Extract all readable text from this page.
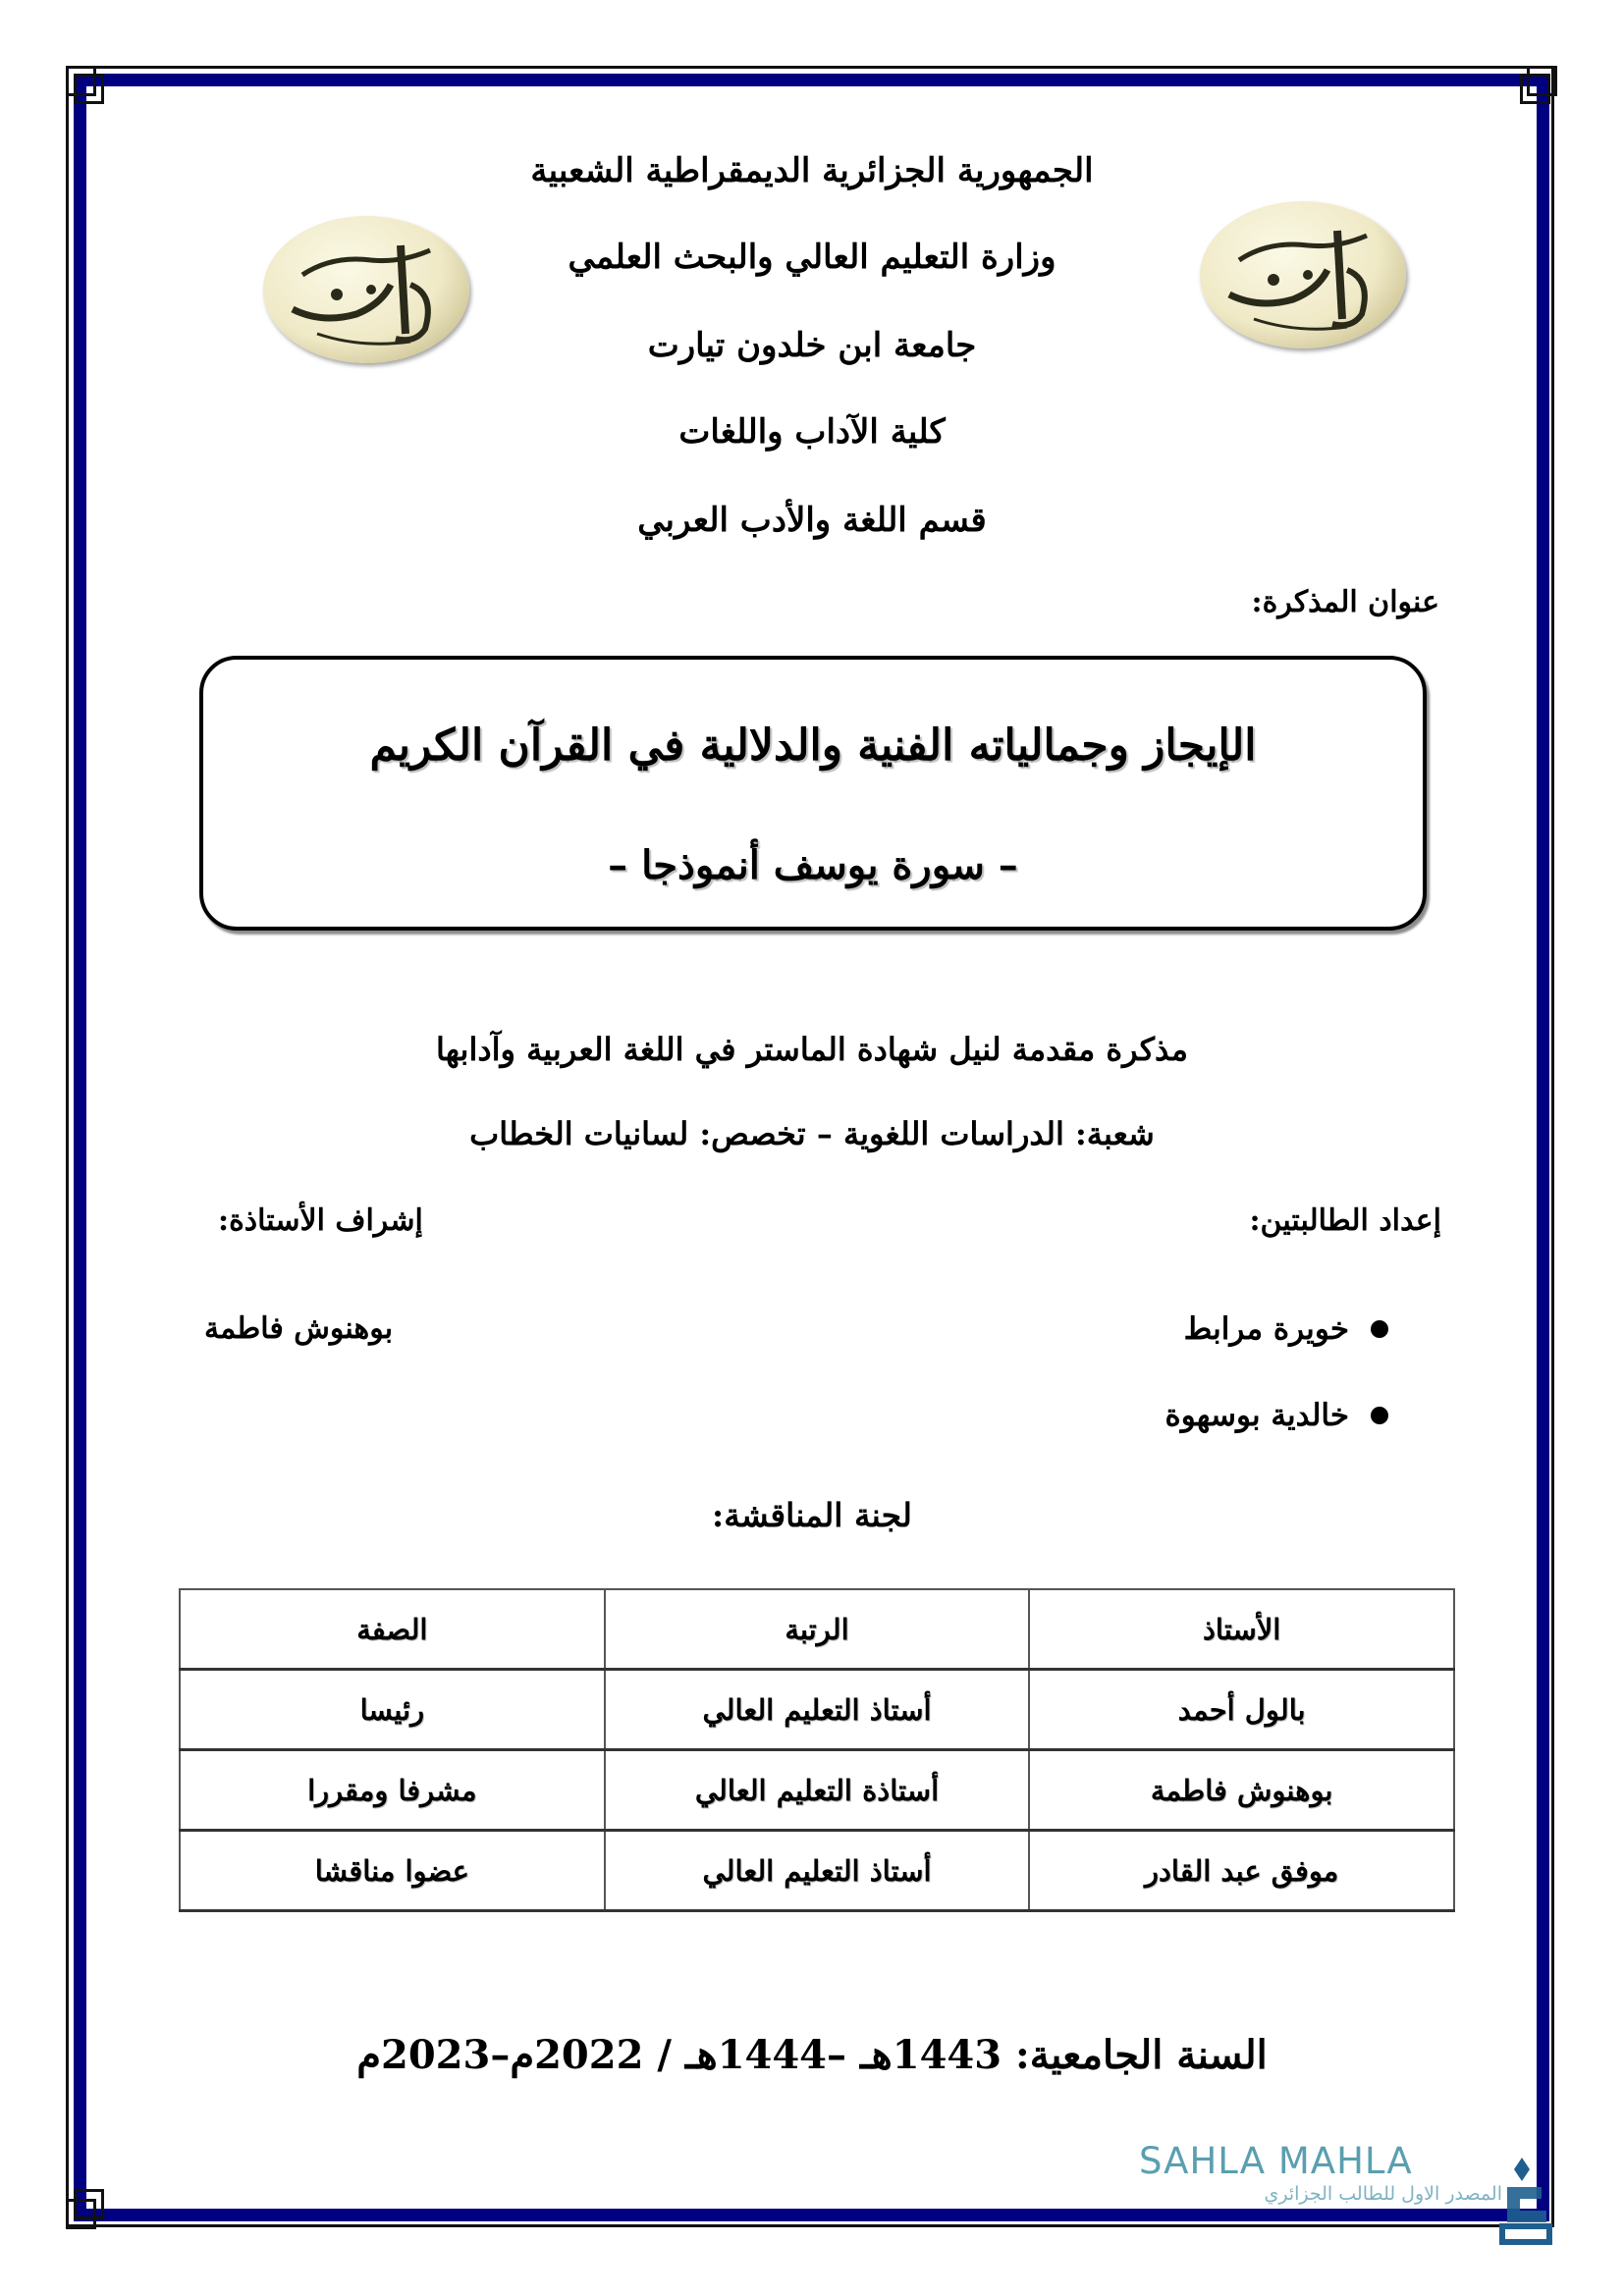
الجمهورية الجزائرية الديمقراطية الشعبية
وزارة التعليم العالي والبحث العلمي
جامعة ابن خلدون تيارت
كلية الآداب واللغات
قسم اللغة والأدب العربي
عنوان المذكرة:
الإيجاز وجمالياته الفنية والدلالية في القرآن الكريم
– سورة يوسف أنموذجا –
مذكرة مقدمة لنيل شهادة الماستر في اللغة العربية وآدابها
شعبة: الدراسات اللغوية – تخصص: لسانيات الخطاب
إعداد الطالبتين:
إشراف الأستاذة:
خويرة مرابط
خالدية بوسهوة
بوهنوش فاطمة
لجنة المناقشة:
الأستاذ	الرتبة	الصفة
بالول أحمد	أستاذ التعليم العالي	رئيسا
بوهنوش فاطمة	أستاذة التعليم العالي	مشرفا ومقررا
موفق عبد القادر	أستاذ التعليم العالي	عضوا مناقشا
السنة الجامعية: 1443هـ –1444هـ / 2022م–2023م
SAHLA MAHLA
المصدر الاول للطالب الجزائري
